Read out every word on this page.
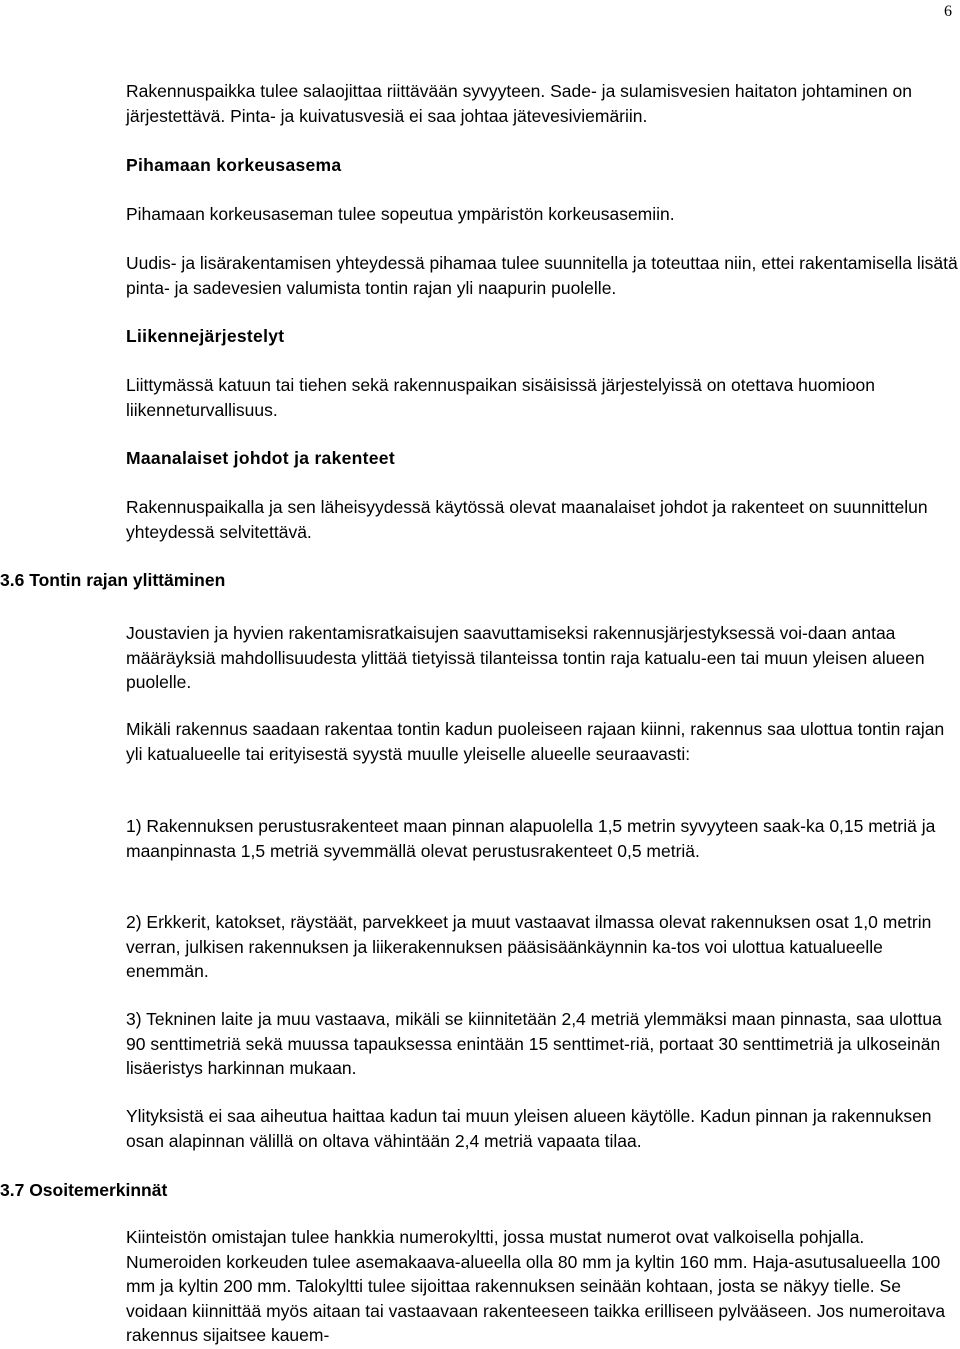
6

Rakennuspaikka tulee salaojittaa riittävään syvyyteen. Sade- ja sulamisvesien haitaton johtaminen on järjestettävä. Pinta- ja kuivatusvesiä ei saa johtaa jätevesiviemäriin.

Pihamaan korkeusasema

Pihamaan korkeusaseman tulee sopeutua ympäristön korkeusasemiin.

Uudis- ja lisärakentamisen yhteydessä pihamaa tulee suunnitella ja toteuttaa niin, ettei rakentamisella lisätä pinta- ja sadevesien valumista tontin rajan yli naapurin puolelle.

Liikennejärjestelyt

Liittymässä katuun tai tiehen sekä rakennuspaikan sisäisissä järjestelyissä on otettava huomioon liikenneturvallisuus.

Maanalaiset johdot ja rakenteet

Rakennuspaikalla ja sen läheisyydessä käytössä olevat maanalaiset johdot ja rakenteet on suunnittelun yhteydessä selvitettävä.

3.6 Tontin rajan ylittäminen

Joustavien ja hyvien rakentamisratkaisujen saavuttamiseksi rakennusjärjestyksessä voi-daan antaa määräyksiä mahdollisuudesta ylittää tietyissä tilanteissa tontin raja katualu-een tai muun yleisen alueen puolelle.

Mikäli rakennus saadaan rakentaa tontin kadun puoleiseen rajaan kiinni, rakennus saa ulottua tontin rajan yli katualueelle tai erityisestä syystä muulle yleiselle alueelle seuraavasti:

1) Rakennuksen perustusrakenteet maan pinnan alapuolella 1,5 metrin syvyyteen saak-ka 0,15 metriä ja maanpinnasta 1,5 metriä syvemmällä olevat perustusrakenteet 0,5 metriä.

2) Erkkerit, katokset, räystäät, parvekkeet ja muut vastaavat ilmassa olevat rakennuksen osat 1,0 metrin verran, julkisen rakennuksen ja liikerakennuksen pääsisäänkäynnin ka-tos voi ulottua katualueelle enemmän.

3) Tekninen laite ja muu vastaava, mikäli se kiinnitetään 2,4 metriä ylemmäksi maan pinnasta, saa ulottua 90 senttimetriä sekä muussa tapauksessa enintään 15 senttimet-riä, portaat 30 senttimetriä ja ulkoseinän lisäeristys harkinnan mukaan.

Ylityksistä ei saa aiheutua haittaa kadun tai muun yleisen alueen käytölle. Kadun pinnan ja rakennuksen osan alapinnan välillä on oltava vähintään 2,4 metriä vapaata tilaa.

3.7 Osoitemerkinnät

Kiinteistön omistajan tulee hankkia numerokyltti, jossa mustat numerot ovat valkoisella pohjalla. Numeroiden korkeuden tulee asemakaava-alueella olla 80 mm ja kyltin 160 mm. Haja-asutusalueella 100 mm ja kyltin 200 mm. Talokyltti tulee sijoittaa rakennuksen seinään kohtaan, josta se näkyy tielle. Se voidaan kiinnittää myös aitaan tai vastaavaan rakenteeseen taikka erilliseen pylvääseen. Jos numeroitava rakennus sijaitsee kauem-
